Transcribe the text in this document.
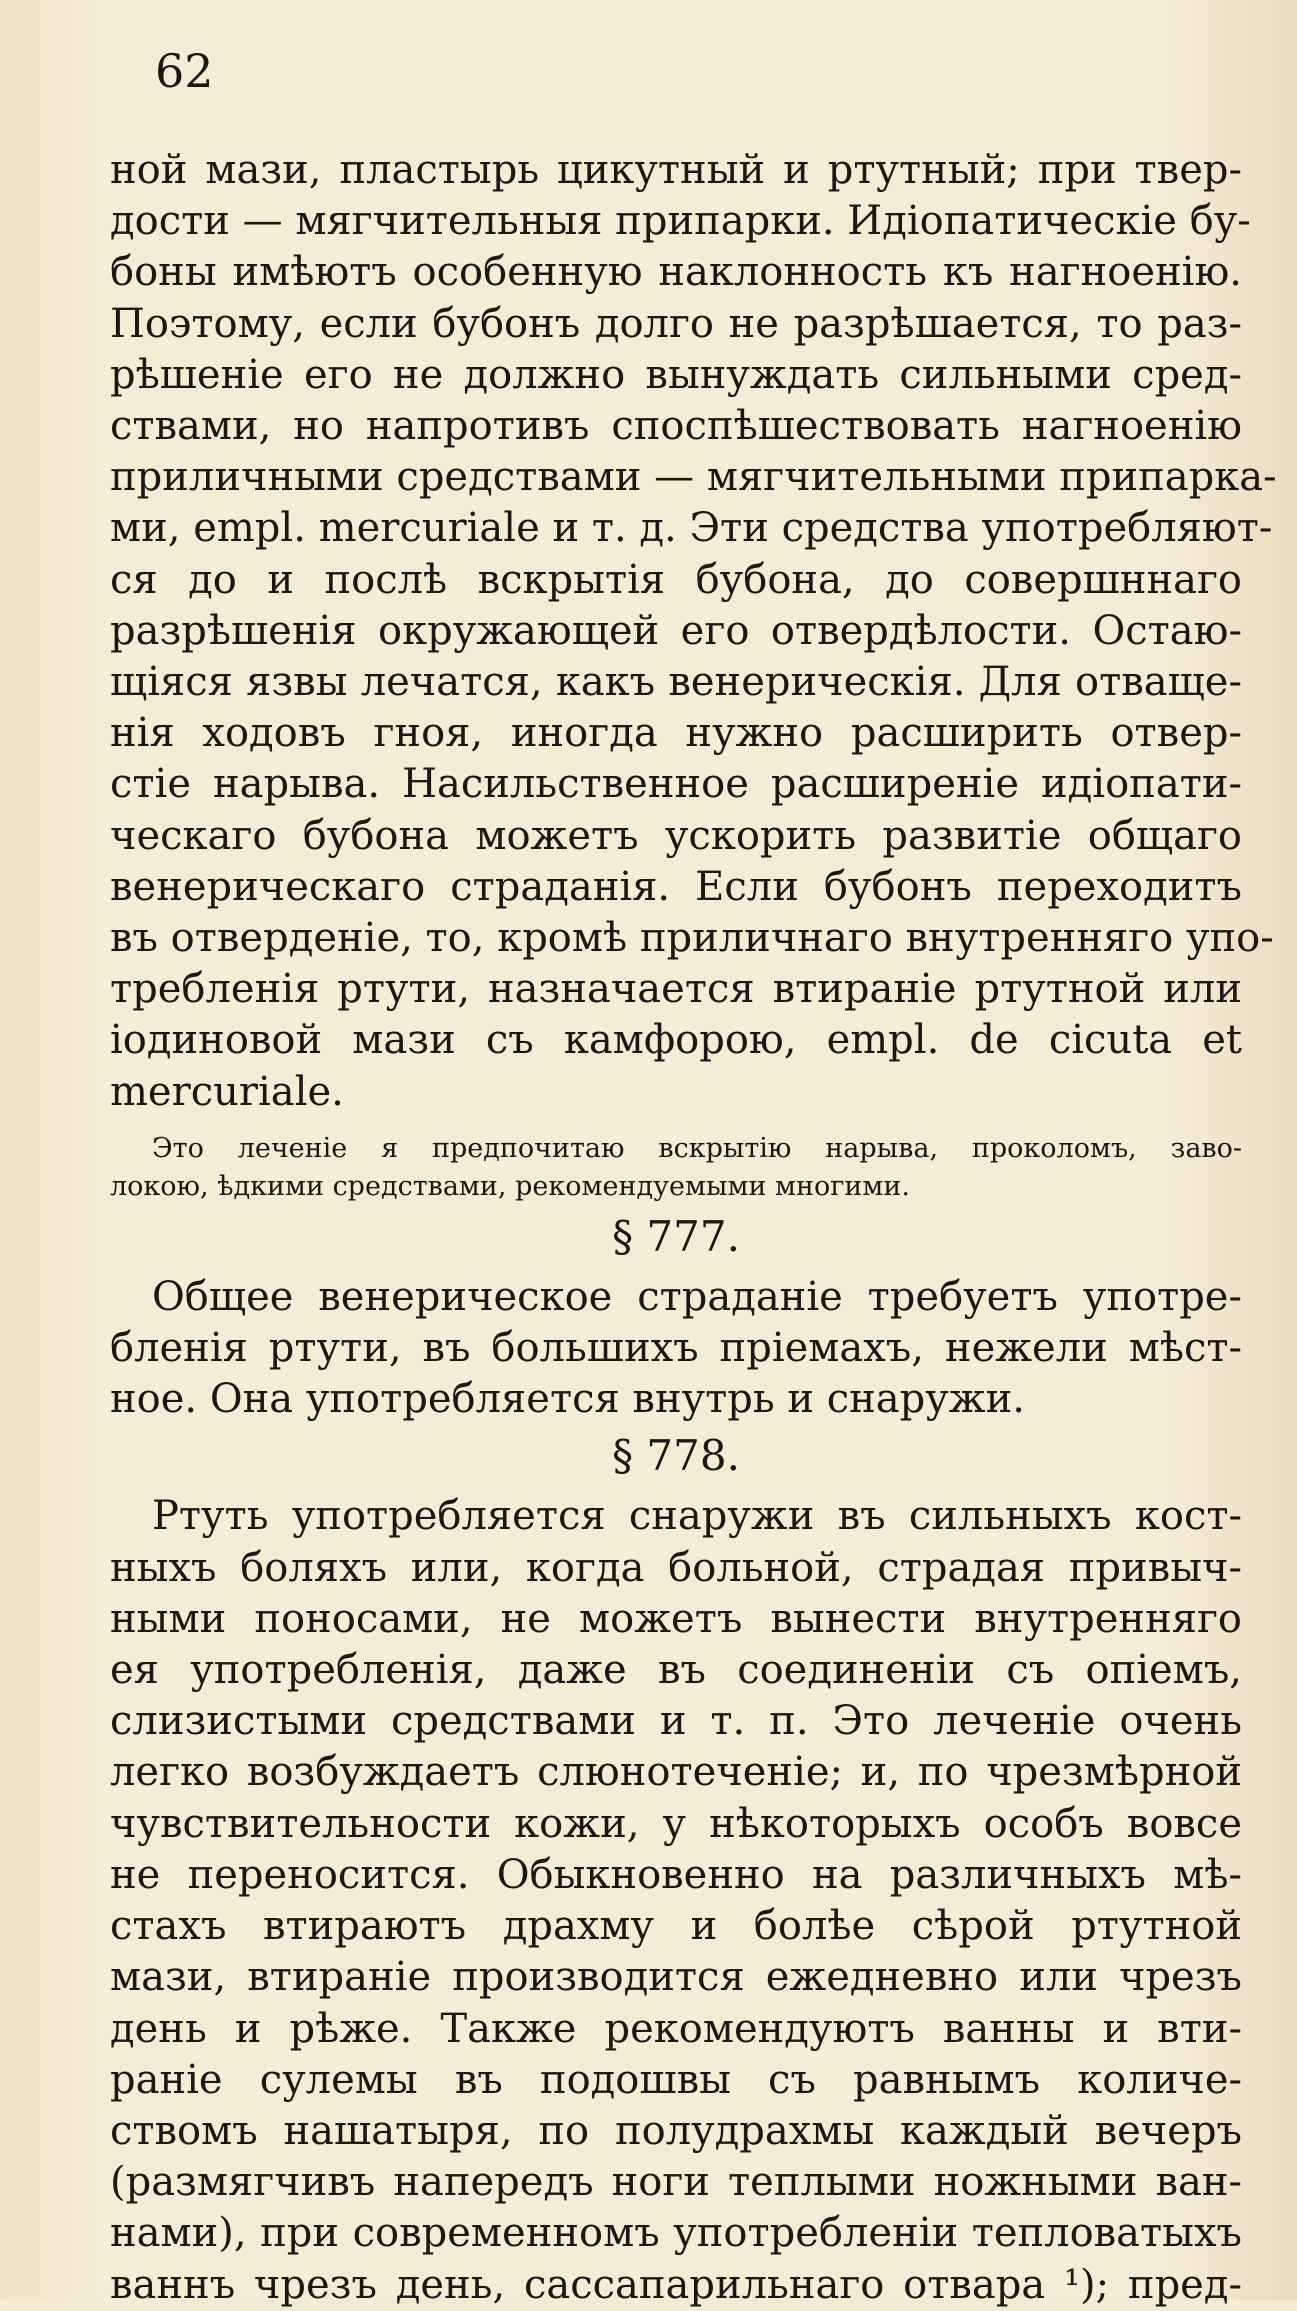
62

ной мази, пластырь цикутный и ртутный; при твер-
дости — мягчительныя припарки. Идіопатическіе бу-
боны имѣютъ особенную наклонность къ нагноенію.
Поэтому, если бубонъ долго не разрѣшается, то раз-
рѣшеніе его не должно вынуждать сильными сред-
ствами, но напротивъ споспѣшествовать нагноенію
приличными средствами — мягчительными припарка-
ми, empl. mercuriale и т. д. Эти средства употребляют-
ся до и послѣ вскрытія бубона, до совершннаго
разрѣшенія окружающей его отвердѣлости. Остаю-
щіяся язвы лечатся, какъ венерическія. Для отваще-
нія ходовъ гноя, иногда нужно расширить отвер-
стіе нарыва. Насильственное расширеніе идіопати-
ческаго бубона можетъ ускорить развитіе общаго
венерическаго страданія. Если бубонъ переходитъ
въ отверденіе, то, кромѣ приличнаго внутренняго упо-
требленія ртути, назначается втираніе ртутной или
іодиновой мази съ камфорою, empl. de cicuta et
mercuriale.

Это леченіе я предпочитаю вскрытію нарыва, проколомъ, заво-
локою, ѣдкими средствами, рекомендуемыми многими.

§ 777.

Общее венерическое страданіе требуетъ употре-
бленія ртути, въ большихъ пріемахъ, нежели мѣст-
ное. Она употребляется внутрь и снаружи.

§ 778.

Ртуть употребляется снаружи въ сильныхъ кост-
ныхъ боляхъ или, когда больной, страдая привыч-
ными поносами, не можетъ вынести внутренняго
ея употребленія, даже въ соединеніи съ опіемъ,
слизистыми средствами и т. п. Это леченіе очень
легко возбуждаетъ слюнотеченіе; и, по чрезмѣрной
чувствительности кожи, у нѣкоторыхъ особъ вовсе
не переносится. Обыкновенно на различныхъ мѣ-
стахъ втираютъ драхму и болѣе сѣрой ртутной
мази, втираніе производится ежедневно или чрезъ
день и рѣже. Также рекомендуютъ ванны и вти-
раніе сулемы въ подошвы съ равнымъ количе-
ствомъ нашатыря, по полудрахмы каждый вечеръ
(размягчивъ напередъ ноги теплыми ножными ван-
нами), при современномъ употребленіи тепловатыхъ
ваннъ чрезъ день, сассапарильнаго отвара ¹); пред-
